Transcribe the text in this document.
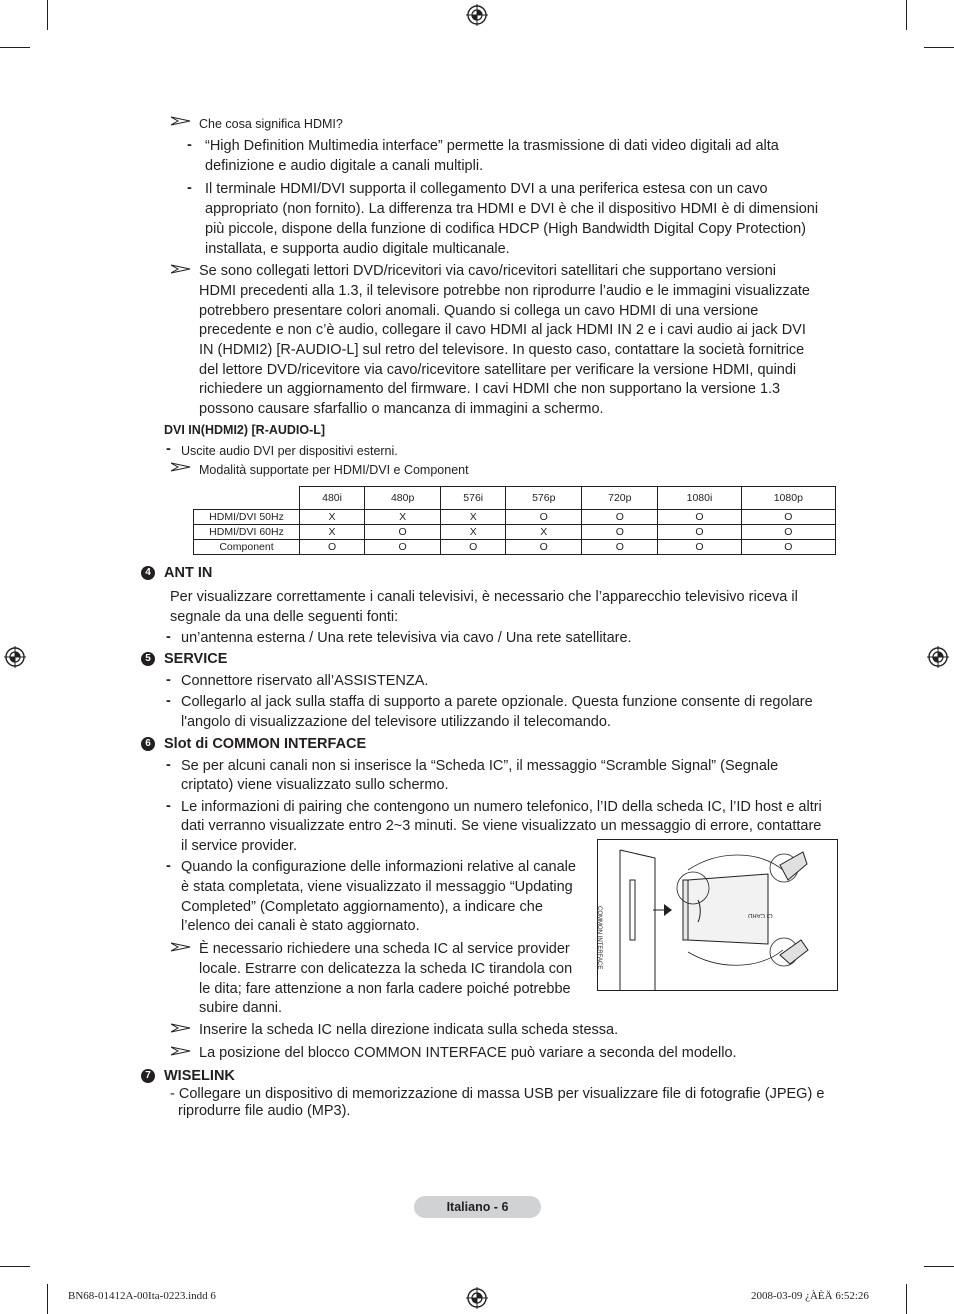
Che cosa significa HDMI?
- “High Definition Multimedia interface” permette la trasmissione di dati video digitali ad alta
definizione e audio digitale a canali multipli.
- Il terminale HDMI/DVI supporta il collegamento DVI a una periferica estesa con un cavo
appropriato (non fornito). La differenza tra HDMI e DVI è che il dispositivo HDMI è di dimensioni
più piccole, dispone della funzione di codifica HDCP (High Bandwidth Digital Copy Protection)
installata, e supporta audio digitale multicanale.
Se sono collegati lettori DVD/ricevitori via cavo/ricevitori satellitari che supportano versioni
HDMI precedenti alla 1.3, il televisore potrebbe non riprodurre l’audio e le immagini visualizzate
potrebbero presentare colori anomali. Quando si collega un cavo HDMI di una versione
precedente e non c’è audio, collegare il cavo HDMI al jack HDMI IN 2 e i cavi audio ai jack DVI
IN (HDMI2) [R-AUDIO-L] sul retro del televisore. In questo caso, contattare la società fornitrice
del lettore DVD/ricevitore via cavo/ricevitore satellitare per verificare la versione HDMI, quindi
richiedere un aggiornamento del firmware. I cavi HDMI che non supportano la versione 1.3
possono causare sfarfallio o mancanza di immagini a schermo.
DVI IN(HDMI2) [R-AUDIO-L]
- Uscite audio DVI per dispositivi esterni.
Modalità supportate per HDMI/DVI e Component
	480i	480p	576i	576p	720p	1080i	1080p
HDMI/DVI 50Hz	X	X	X	O	O	O	O
HDMI/DVI 60Hz	X	O	X	X	O	O	O
Component	O	O	O	O	O	O	O
4 ANT IN
Per visualizzare correttamente i canali televisivi, è necessario che l’apparecchio televisivo riceva il
segnale da una delle seguenti fonti:
- un’antenna esterna / Una rete televisiva via cavo / Una rete satellitare.
5 SERVICE
- Connettore riservato all’ASSISTENZA.
- Collegarlo al jack sulla staffa di supporto a parete opzionale. Questa funzione consente di regolare
l'angolo di visualizzazione del televisore utilizzando il telecomando.
6 Slot di COMMON INTERFACE
- Se per alcuni canali non si inserisce la “Scheda IC”, il messaggio “Scramble Signal” (Segnale
criptato) viene visualizzato sullo schermo.
- Le informazioni di pairing che contengono un numero telefonico, l’ID della scheda IC, l’ID host e altri
dati verranno visualizzate entro 2~3 minuti. Se viene visualizzato un messaggio di errore, contattare
il service provider.
- Quando la configurazione delle informazioni relative al canale
è stata completata, viene visualizzato il messaggio “Updating
Completed” (Completato aggiornamento), a indicare che
l’elenco dei canali è stato aggiornato.
È necessario richiedere una scheda IC al service provider
locale. Estrarre con delicatezza la scheda IC tirandola con
le dita; fare attenzione a non farla cadere poiché potrebbe
subire danni.
Inserire la scheda IC nella direzione indicata sulla scheda stessa.
La posizione del blocco COMMON INTERFACE può variare a seconda del modello.
COMMON INTERFACE	CI CARD
7 WISELINK
- Collegare un dispositivo di memorizzazione di massa USB per visualizzare file di fotografie (JPEG) e
riprodurre file audio (MP3).
Italiano - 6
BN68-01412A-00Ita-0223.indd 6	2008-03-09 ¿ÀÈÄ 6:52:26
